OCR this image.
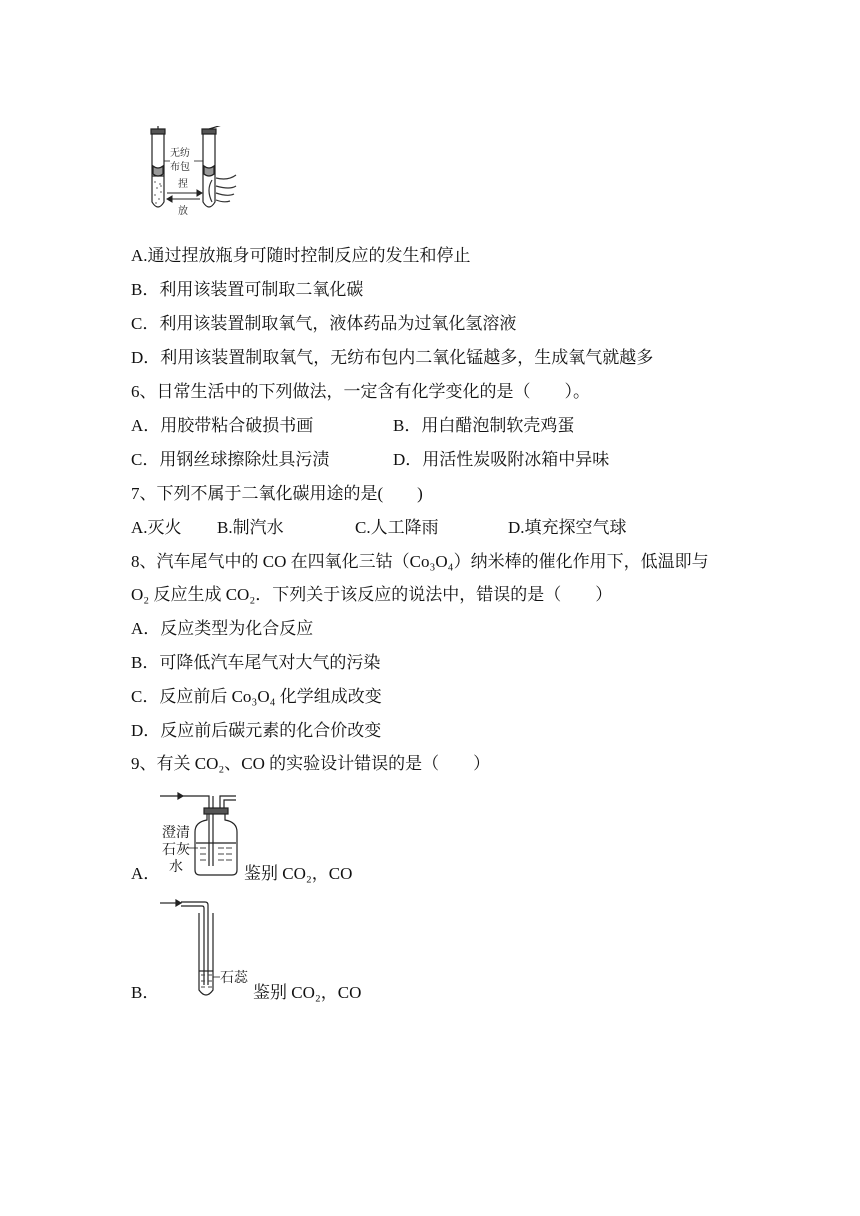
无纺
布包
捏
放
A.通过捏放瓶身可随时控制反应的发生和停止
B．利用该装置可制取二氧化碳
C．利用该装置制取氧气，液体药品为过氧化氢溶液
D．利用该装置制取氧气，无纺布包内二氧化锰越多，生成氧气就越多
6、日常生活中的下列做法，一定含有化学变化的是（　　）。
A．用胶带粘合破损书画	B．用白醋泡制软壳鸡蛋
C．用钢丝球擦除灶具污渍	D．用活性炭吸附冰箱中异味
7、下列不属于二氧化碳用途的是(　　)
A.灭火 B.制汽水	C.人工降雨	D.填充探空气球
8、汽车尾气中的 CO 在四氧化三钴（Co₃O₄）纳米棒的催化作用下，低温即与
O₂ 反应生成 CO₂．下列关于该反应的说法中，错误的是（　　）
A．反应类型为化合反应
B．可降低汽车尾气对大气的污染
C．反应前后 Co₃O₄ 化学组成改变
D．反应前后碳元素的化合价改变
9、有关 CO₂、CO 的实验设计错误的是（　　）
A．
澄清
石灰
水	鉴别 CO₂，CO
B．
石蕊
鉴别 CO₂，CO
